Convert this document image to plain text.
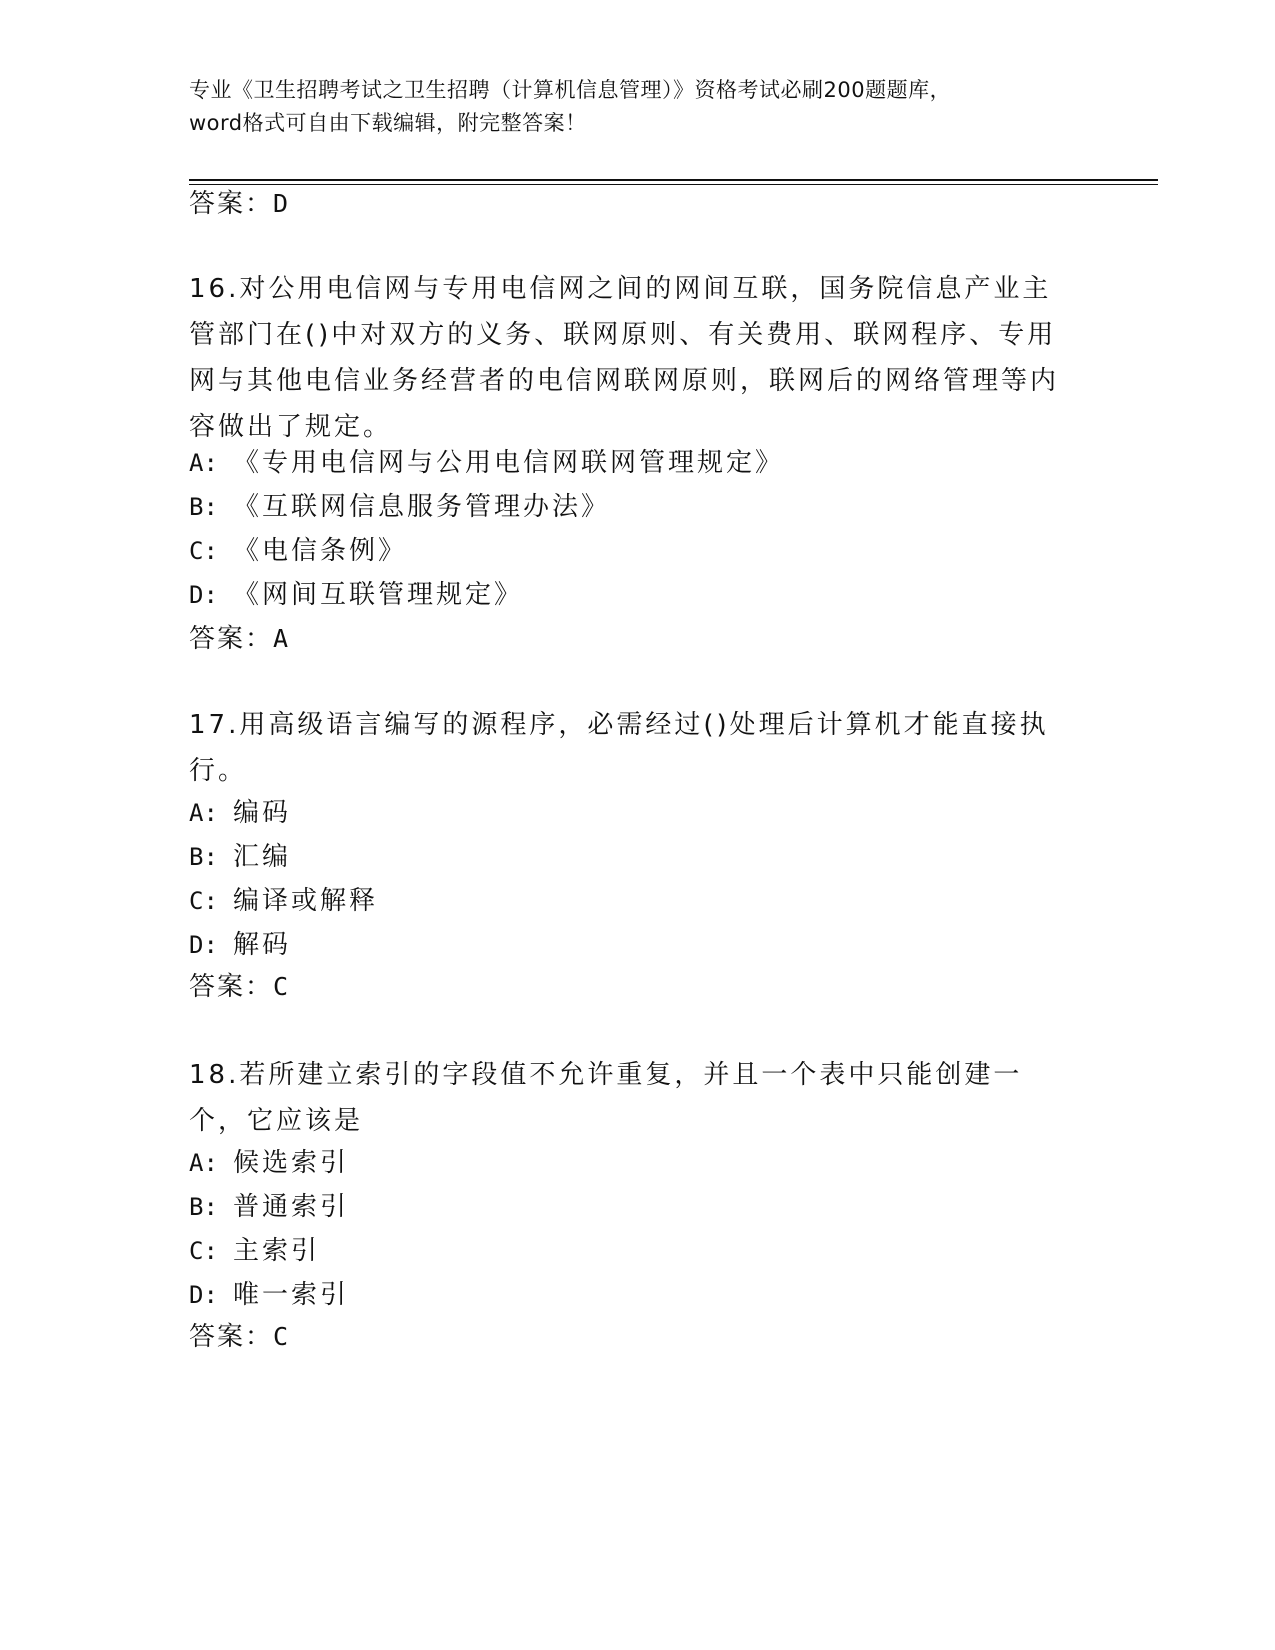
专业《卫生招聘考试之卫生招聘（计算机信息管理）》资格考试必刷200题题库，
word格式可自由下载编辑，附完整答案！
答案：D
16.对公用电信网与专用电信网之间的网间互联，国务院信息产业主管部门在()中对双方的义务、联网原则、有关费用、联网程序、专用网与其他电信业务经营者的电信网联网原则，联网后的网络管理等内容做出了规定。
A: 《专用电信网与公用电信网联网管理规定》
B: 《互联网信息服务管理办法》
C: 《电信条例》
D: 《网间互联管理规定》
答案：A
17.用高级语言编写的源程序，必需经过()处理后计算机才能直接执行。
A: 编码
B: 汇编
C: 编译或解释
D: 解码
答案：C
18.若所建立索引的字段值不允许重复，并且一个表中只能创建一个，它应该是
A: 候选索引
B: 普通索引
C: 主索引
D: 唯一索引
答案：C
